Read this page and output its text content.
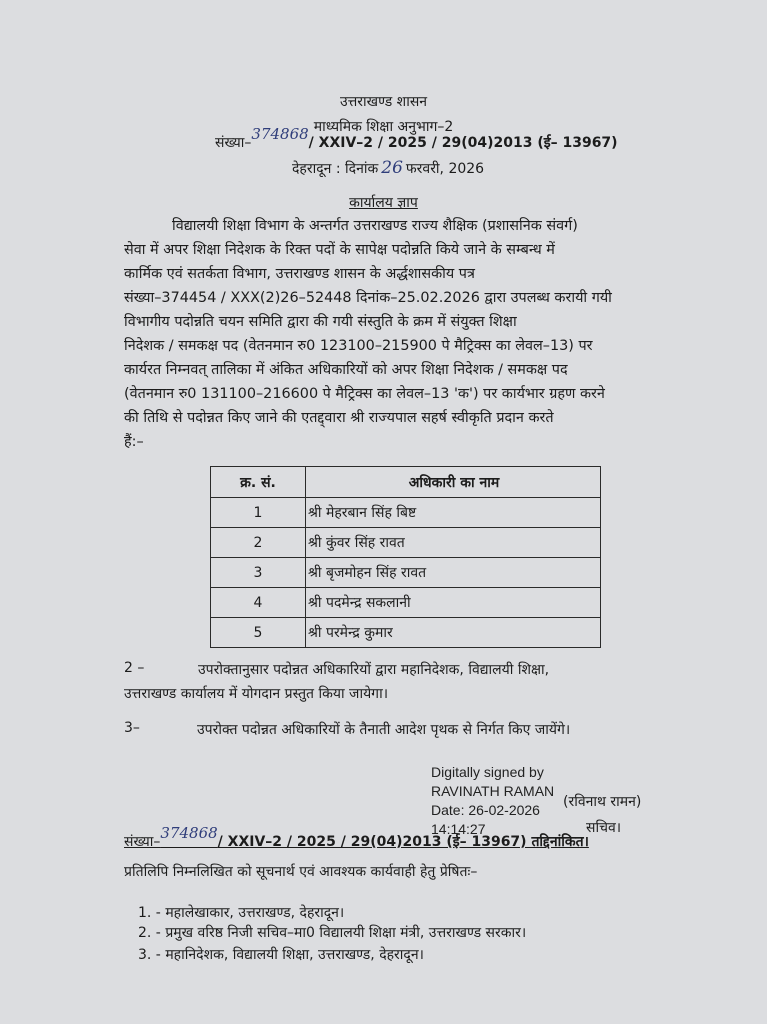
उत्तराखण्ड शासन
माध्यमिक शिक्षा अनुभाग–2
संख्या–374868/ XXIV–2 / 2025 / 29(04)2013 (ई– 13967)
देहरादून : दिनांक 26 फरवरी, 2026
कार्यालय ज्ञाप
विद्यालयी शिक्षा विभाग के अन्तर्गत उत्तराखण्ड राज्य शैक्षिक (प्रशासनिक संवर्ग)
सेवा में अपर शिक्षा निदेशक के रिक्त पदों के सापेक्ष पदोन्नति किये जाने के सम्बन्ध में
कार्मिक एवं सतर्कता विभाग, उत्तराखण्ड शासन के अर्द्धशासकीय पत्र
संख्या–374454 / XXX(2)26–52448 दिनांक–25.02.2026 द्वारा उपलब्ध करायी गयी
विभागीय पदोन्नति चयन समिति द्वारा की गयी संस्तुति के क्रम में संयुक्त शिक्षा
निदेशक / समकक्ष पद (वेतनमान रु0 123100–215900 पे मैट्रिक्स का लेवल–13) पर
कार्यरत निम्नवत् तालिका में अंकित अधिकारियों को अपर शिक्षा निदेशक / समकक्ष पद
(वेतनमान रु0 131100–216600 पे मैट्रिक्स का लेवल–13 'क') पर कार्यभार ग्रहण करने
की तिथि से पदोन्नत किए जाने की एतद्द्वारा श्री राज्यपाल सहर्ष स्वीकृति प्रदान करते
हैं:–
क्र. सं.	अधिकारी का नाम
1	श्री मेहरबान सिंह बिष्ट
2	श्री कुंवर सिंह रावत
3	श्री बृजमोहन सिंह रावत
4	श्री पदमेन्द्र सकलानी
5	श्री परमेन्द्र कुमार
2 –	उपरोक्तानुसार पदोन्नत अधिकारियों द्वारा महानिदेशक, विद्यालयी शिक्षा,
उत्तराखण्ड कार्यालय में योगदान प्रस्तुत किया जायेगा।
3–	उपरोक्त पदोन्नत अधिकारियों के तैनाती आदेश पृथक से निर्गत किए जायेंगे।
Digitally signed by
RAVINATH RAMAN
Date: 26-02-2026
14:14:27
(रविनाथ रामन)
सचिव।
संख्या–374868/ XXIV–2 / 2025 / 29(04)2013 (ई– 13967) तद्दिनांकित।
प्रतिलिपि निम्नलिखित को सूचनार्थ एवं आवश्यक कार्यवाही हेतु प्रेषितः–
1. - महालेखाकार, उत्तराखण्ड, देहरादून।
2. - प्रमुख वरिष्ठ निजी सचिव–मा0 विद्यालयी शिक्षा मंत्री, उत्तराखण्ड सरकार।
3. - महानिदेशक, विद्यालयी शिक्षा, उत्तराखण्ड, देहरादून।
